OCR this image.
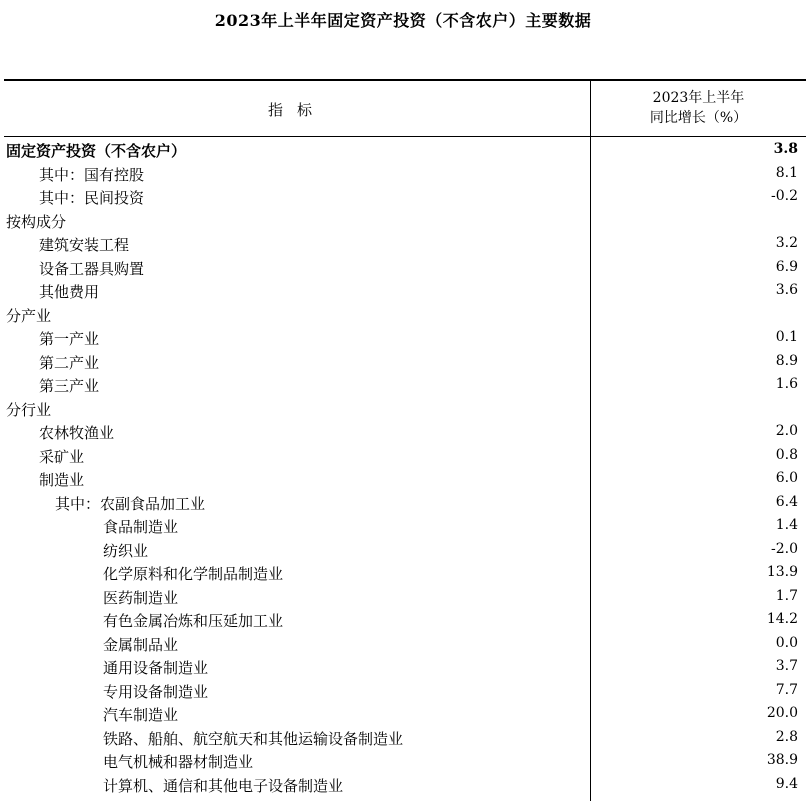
2023年上半年固定资产投资（不含农户）主要数据
指标
2023年上半年
同比增长（%）
固定资产投资（不含农户）	3.8
其中：国有控股	8.1
其中：民间投资	-0.2
按构成分
建筑安装工程	3.2
设备工器具购置	6.9
其他费用	3.6
分产业
第一产业	0.1
第二产业	8.9
第三产业	1.6
分行业
农林牧渔业	2.0
采矿业	0.8
制造业	6.0
其中：农副食品加工业	6.4
食品制造业	1.4
纺织业	-2.0
化学原料和化学制品制造业	13.9
医药制造业	1.7
有色金属冶炼和压延加工业	14.2
金属制品业	0.0
通用设备制造业	3.7
专用设备制造业	7.7
汽车制造业	20.0
铁路、船舶、航空航天和其他运输设备制造业	2.8
电气机械和器材制造业	38.9
计算机、通信和其他电子设备制造业	9.4
